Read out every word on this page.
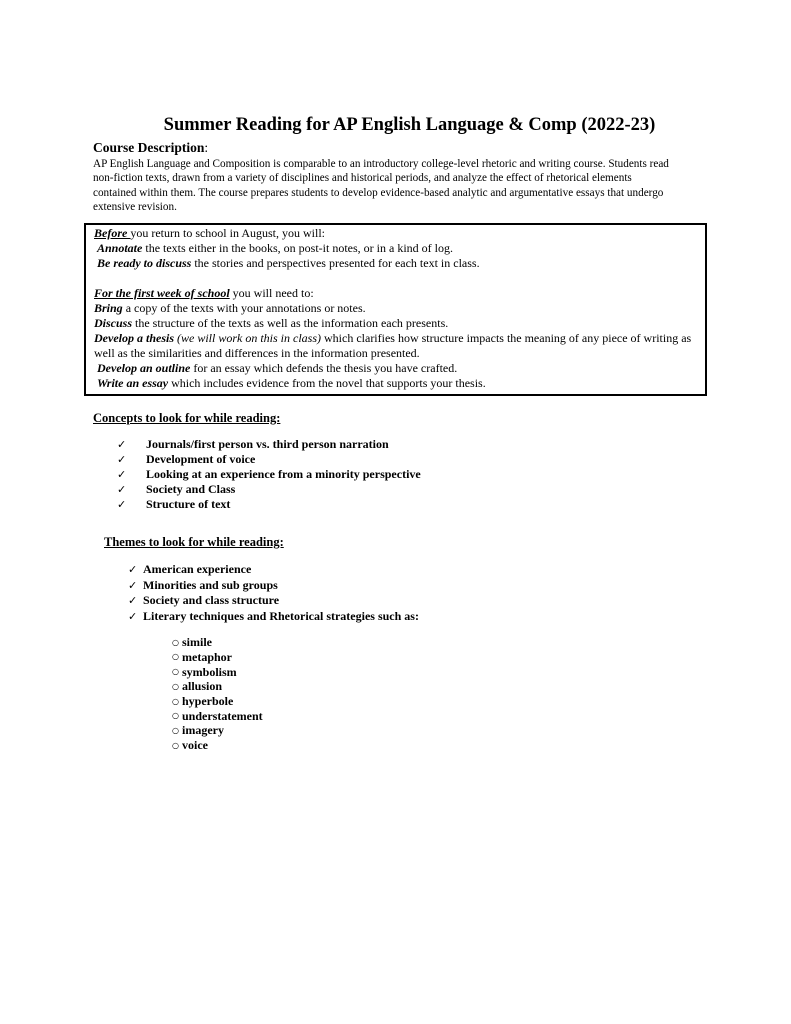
Summer Reading for AP English Language & Comp (2022-23)
Course Description:
AP English Language and Composition is comparable to an introductory college-level rhetoric and writing course. Students read non-fiction texts, drawn from a variety of disciplines and historical periods, and analyze the effect of rhetorical elements contained within them. The course prepares students to develop evidence-based analytic and argumentative essays that undergo extensive revision.
Before you return to school in August, you will:
Annotate the texts either in the books, on post-it notes, or in a kind of log.
Be ready to discuss the stories and perspectives presented for each text in class.
For the first week of school you will need to:
Bring a copy of the texts with your annotations or notes.
Discuss the structure of the texts as well as the information each presents.
Develop a thesis (we will work on this in class) which clarifies how structure impacts the meaning of any piece of writing as well as the similarities and differences in the information presented.
Develop an outline for an essay which defends the thesis you have crafted.
Write an essay which includes evidence from the novel that supports your thesis.
Concepts to look for while reading:
✓ Journals/first person vs. third person narration
✓ Development of voice
✓ Looking at an experience from a minority perspective
✓ Society and Class
✓ Structure of text
Themes to look for while reading:
✓ American experience
✓ Minorities and sub groups
✓ Society and class structure
✓ Literary techniques and Rhetorical strategies such as:
○ simile
○ metaphor
○ symbolism
○ allusion
○ hyperbole
○ understatement
○ imagery
○ voice
